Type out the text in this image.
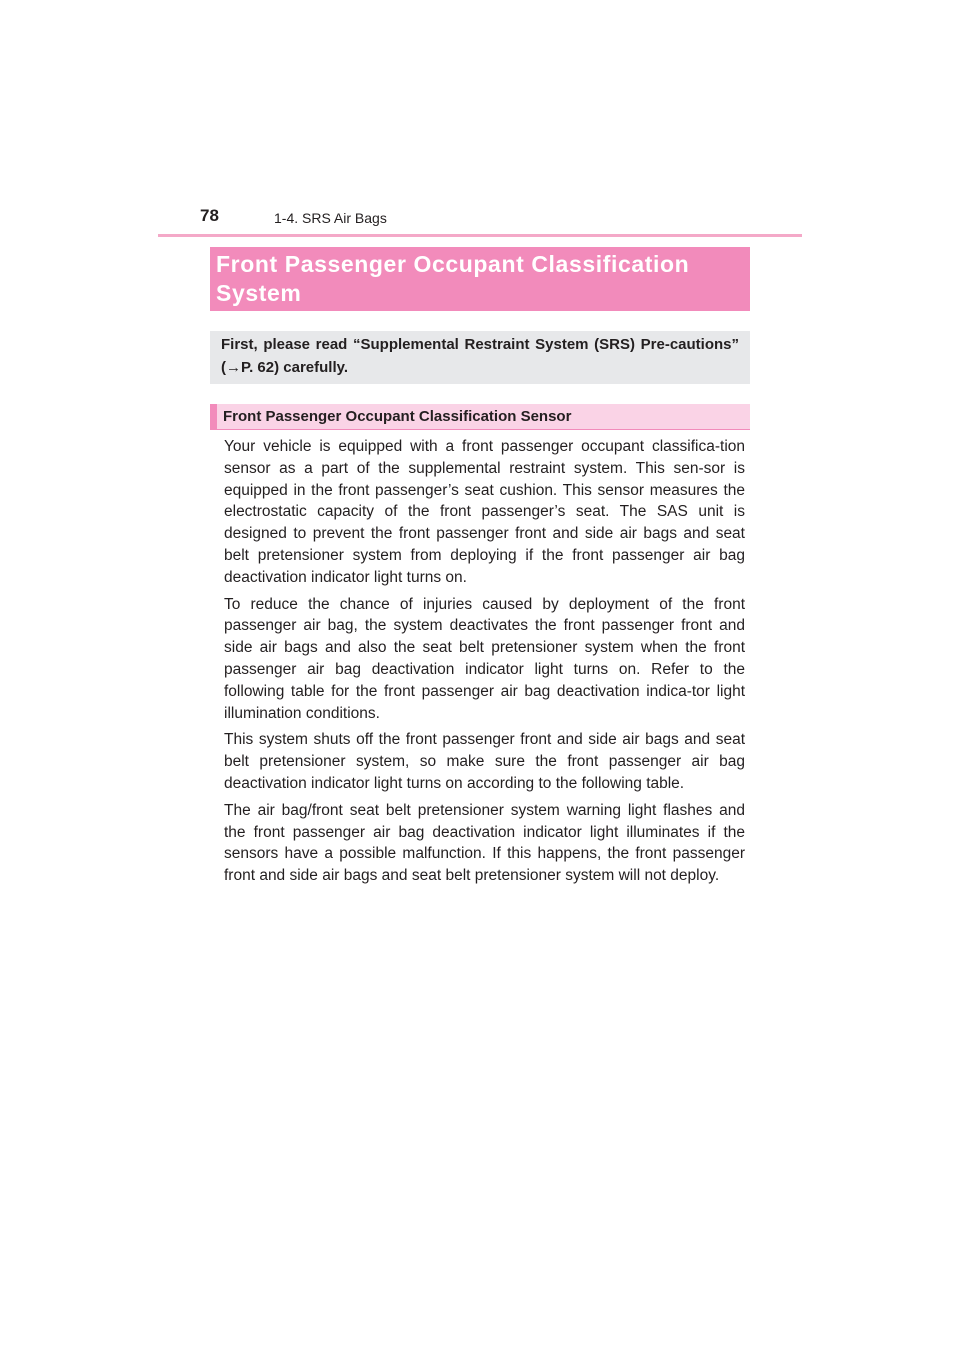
78	1-4. SRS Air Bags
Front Passenger Occupant Classification System
First, please read “Supplemental Restraint System (SRS) Pre-cautions” (→P. 62) carefully.
Front Passenger Occupant Classification Sensor

Your vehicle is equipped with a front passenger occupant classifica-tion sensor as a part of the supplemental restraint system. This sen-sor is equipped in the front passenger’s seat cushion. This sensor measures the electrostatic capacity of the front passenger’s seat. The SAS unit is designed to prevent the front passenger front and side air bags and seat belt pretensioner system from deploying if the front passenger air bag deactivation indicator light turns on.

To reduce the chance of injuries caused by deployment of the front passenger air bag, the system deactivates the front passenger front and side air bags and also the seat belt pretensioner system when the front passenger air bag deactivation indicator light turns on. Refer to the following table for the front passenger air bag deactivation indica-tor light illumination conditions.

This system shuts off the front passenger front and side air bags and seat belt pretensioner system, so make sure the front passenger air bag deactivation indicator light turns on according to the following table.

The air bag/front seat belt pretensioner system warning light flashes and the front passenger air bag deactivation indicator light illuminates if the sensors have a possible malfunction. If this happens, the front passenger front and side air bags and seat belt pretensioner system will not deploy.
